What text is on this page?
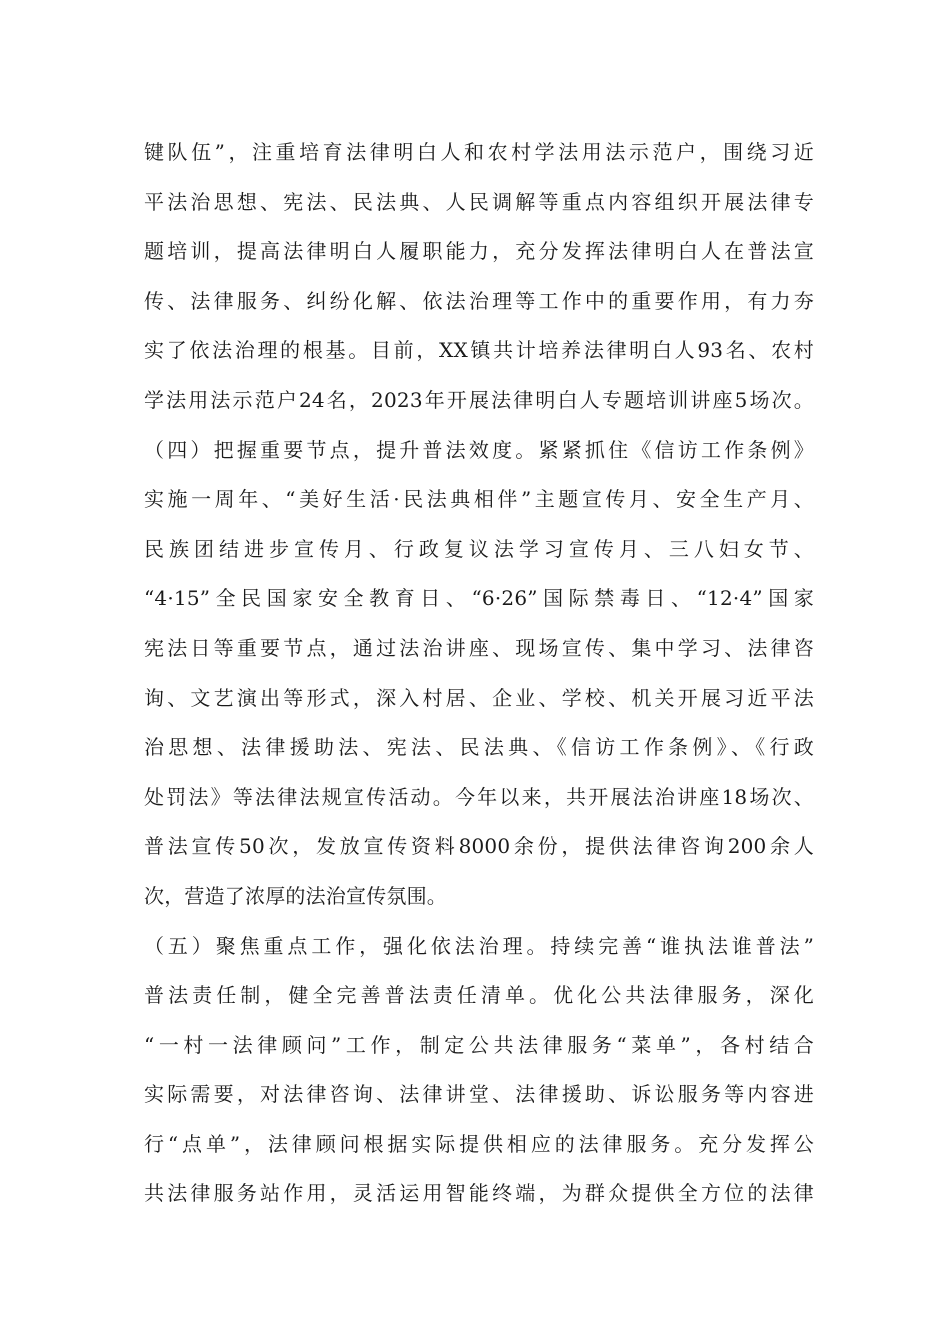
键队伍”，注重培育法律明白人和农村学法用法示范户，围绕习近
平法治思想、宪法、民法典、人民调解等重点内容组织开展法律专
题培训，提高法律明白人履职能力，充分发挥法律明白人在普法宣
传、法律服务、纠纷化解、依法治理等工作中的重要作用，有力夯
实了依法治理的根基。目前，XX镇共计培养法律明白人93名、农村
学法用法示范户24名，2023年开展法律明白人专题培训讲座5场次。
（四）把握重要节点，提升普法效度。紧紧抓住《信访工作条例》
实施一周年、“美好生活·民法典相伴”主题宣传月、安全生产月、
民族团结进步宣传月、行政复议法学习宣传月、三八妇女节、
“4·15”全民国家安全教育日、“6·26”国际禁毒日、“12·4”国家
宪法日等重要节点，通过法治讲座、现场宣传、集中学习、法律咨
询、文艺演出等形式，深入村居、企业、学校、机关开展习近平法
治思想、法律援助法、宪法、民法典、《信访工作条例》、《行政
处罚法》等法律法规宣传活动。今年以来，共开展法治讲座18场次、
普法宣传50次，发放宣传资料8000余份，提供法律咨询200余人
次，营造了浓厚的法治宣传氛围。
（五）聚焦重点工作，强化依法治理。持续完善“谁执法谁普法”
普法责任制，健全完善普法责任清单。优化公共法律服务，深化
“一村一法律顾问”工作，制定公共法律服务“菜单”，各村结合
实际需要，对法律咨询、法律讲堂、法律援助、诉讼服务等内容进
行“点单”，法律顾问根据实际提供相应的法律服务。充分发挥公
共法律服务站作用，灵活运用智能终端，为群众提供全方位的法律
